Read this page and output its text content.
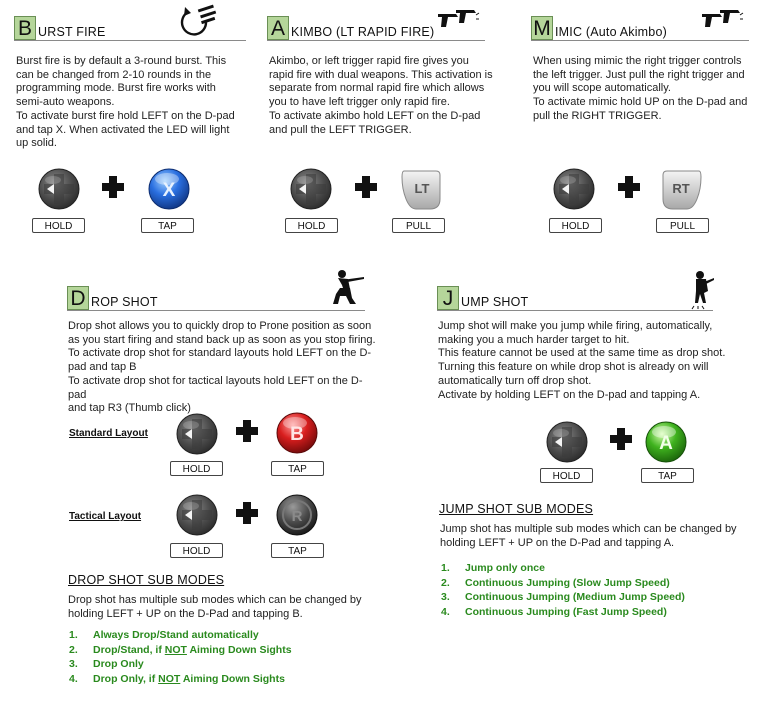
B URST FIRE
Burst fire is by default a 3-round burst. This
can be changed from 2-10 rounds in the
programming mode. Burst fire works with
semi-auto weapons.
To activate burst fire hold LEFT on the D-pad
and tap X. When activated the LED will light
up solid.
X
HOLD	TAP
A KIMBO (LT RAPID FIRE)
Akimbo, or left trigger rapid fire gives you
rapid fire with dual weapons. This activation is
separate from normal rapid fire which allows
you to have left trigger only rapid fire.
To activate akimbo hold LEFT on the D-pad
and pull the LEFT TRIGGER.
LT
HOLD	PULL
M IMIC (Auto Akimbo)
When using mimic the right trigger controls
the left trigger. Just pull the right trigger and
you will scope automatically.
To activate mimic hold UP on the D-pad and
pull the RIGHT TRIGGER.
RT
HOLD	PULL
D ROP SHOT
Drop shot allows you to quickly drop to Prone position as soon
as you start firing and stand back up as soon as you stop firing.
To activate drop shot for standard layouts hold LEFT on the D-
pad and tap B
To activate drop shot for tactical layouts hold LEFT on the D-pad
and tap R3 (Thumb click)
Standard Layout	B
HOLD	TAP
Tactical Layout	R
HOLD	TAP
DROP SHOT SUB MODES
Drop shot has multiple sub modes which can be changed by
holding LEFT + UP on the D-Pad and tapping B.
1.	Always Drop/Stand automatically
2.	Drop/Stand, if NOT Aiming Down Sights
3.	Drop Only
4.	Drop Only, if NOT Aiming Down Sights
J UMP SHOT
Jump shot will make you jump while firing, automatically,
making you a much harder target to hit.
This feature cannot be used at the same time as drop shot.
Turning this feature on while drop shot is already on will
automatically turn off drop shot.
Activate by holding LEFT on the D-pad and tapping A.
A
HOLD	TAP
JUMP SHOT SUB MODES
Jump shot has multiple sub modes which can be changed by
holding LEFT + UP on the D-Pad and tapping A.
1.	Jump only once
2.	Continuous Jumping (Slow Jump Speed)
3.	Continuous Jumping (Medium Jump Speed)
4.	Continuous Jumping (Fast Jump Speed)
